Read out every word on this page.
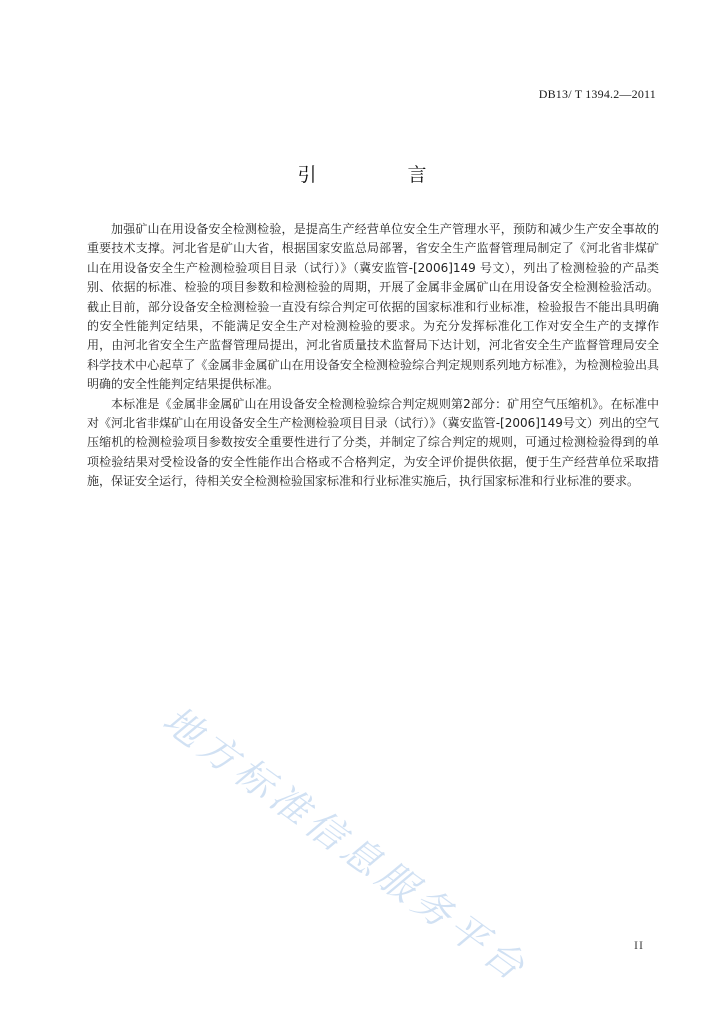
DB13/ T 1394.2—2011
引　言

加强矿山在用设备安全检测检验，是提高生产经营单位安全生产管理水平，预防和减少生产安全事故的重要技术支撑。河北省是矿山大省，根据国家安监总局部署，省安全生产监督管理局制定了《河北省非煤矿山在用设备安全生产检测检验项目目录（试行）》（冀安监管-[2006]149 号文），列出了检测检验的产品类别、依据的标准、检验的项目参数和检测检验的周期，开展了金属非金属矿山在用设备安全检测检验活动。截止目前，部分设备安全检测检验一直没有综合判定可依据的国家标准和行业标准，检验报告不能出具明确的安全性能判定结果，不能满足安全生产对检测检验的要求。为充分发挥标准化工作对安全生产的支撑作用，由河北省安全生产监督管理局提出，河北省质量技术监督局下达计划，河北省安全生产监督管理局安全科学技术中心起草了《金属非金属矿山在用设备安全检测检验综合判定规则系列地方标准》，为检测检验出具明确的安全性能判定结果提供标准。

本标准是《金属非金属矿山在用设备安全检测检验综合判定规则第2部分：矿用空气压缩机》。在标准中对《河北省非煤矿山在用设备安全生产检测检验项目目录（试行）》（冀安监管-[2006]149号文）列出的空气压缩机的检测检验项目参数按安全重要性进行了分类，并制定了综合判定的规则，可通过检测检验得到的单项检验结果对受检设备的安全性能作出合格或不合格判定，为安全评价提供依据，便于生产经营单位采取措施，保证安全运行，待相关安全检测检验国家标准和行业标准实施后，执行国家标准和行业标准的要求。

地方标准信息服务平台	II
